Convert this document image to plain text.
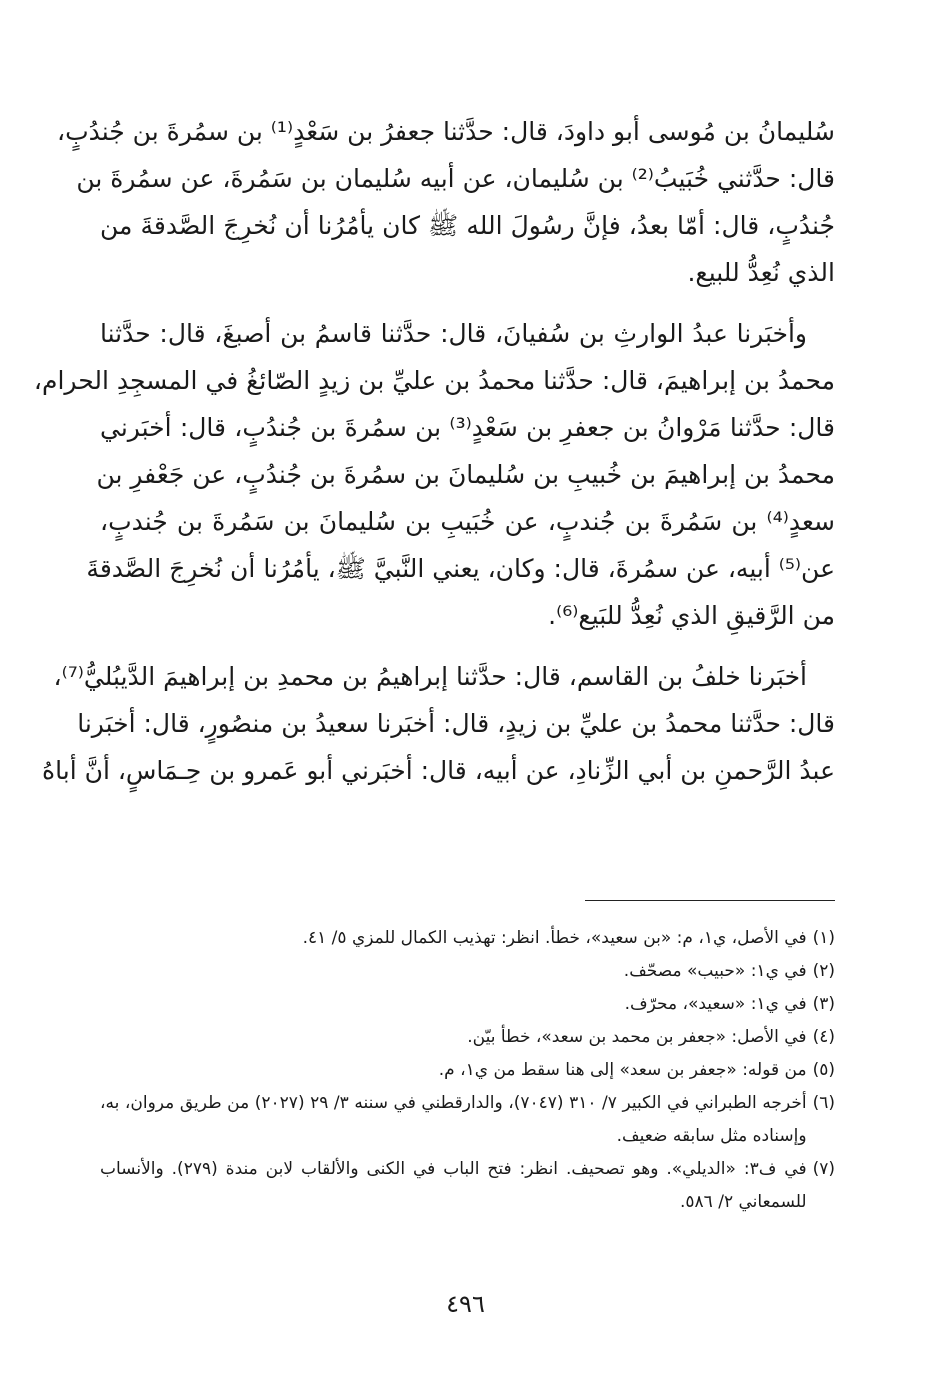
سُليمانُ بن مُوسى أبو داودَ، قال: حدَّثنا جعفرُ بن سَعْدٍ⁽¹⁾ بن سمُرةَ بن جُندُبٍ،
قال: حدَّثني خُبَيبُ⁽²⁾ بن سُليمان، عن أبيه سُليمان بن سَمُرةَ، عن سمُرةَ بن
جُندُبٍ، قال: أمّا بعدُ، فإنَّ رسُولَ الله ﷺ كان يأمُرُنا أن نُخرِجَ الصَّدقةَ من
الذي نُعِدُّ للبيع.
وأخبَرنا عبدُ الوارثِ بن سُفيانَ، قال: حدَّثنا قاسمُ بن أصبغَ، قال: حدَّثنا
محمدُ بن إبراهيمَ، قال: حدَّثنا محمدُ بن عليِّ بن زيدٍ الصّائغُ في المسجِدِ الحرام،
قال: حدَّثنا مَرْوانُ بن جعفرِ بن سَعْدٍ⁽³⁾ بن سمُرةَ بن جُندُبٍ، قال: أخبَرني
محمدُ بن إبراهيمَ بن خُبيبِ بن سُليمانَ بن سمُرةَ بن جُندُبٍ، عن جَعْفرِ بن
سعدٍ⁽⁴⁾ بن سَمُرةَ بن جُندبٍ، عن خُبَيبِ بن سُليمانَ بن سَمُرةَ بن جُندبٍ،
عن⁽⁵⁾ أبيه، عن سمُرةَ، قال: وكان، يعني النَّبيَّ ﷺ، يأمُرُنا أن نُخرِجَ الصَّدقةَ
من الرَّقيقِ الذي نُعِدُّ للبَيع⁽⁶⁾.
أخبَرنا خلفُ بن القاسم، قال: حدَّثنا إبراهيمُ بن محمدِ بن إبراهيمَ الدَّيبُليُّ⁽⁷⁾،
قال: حدَّثنا محمدُ بن عليِّ بن زيدٍ، قال: أخبَرنا سعيدُ بن منصُورٍ، قال: أخبَرنا
عبدُ الرَّحمنِ بن أبي الزِّنادِ، عن أبيه، قال: أخبَرني أبو عَمرو بن حِـمَاسٍ، أنَّ أباهُ
(١)
في الأصل، ي١، م: «بن سعيد»، خطأ. انظر: تهذيب الكمال للمزي ٥/ ٤١.
(٢)
في ي١: «حبيب» مصحّف.
(٣)
في ي١: «سعيد»، محرّف.
(٤)
في الأصل: «جعفر بن محمد بن سعد»، خطأ بيّن.
(٥)
من قوله: «جعفر بن سعد» إلى هنا سقط من ي١، م.
(٦)
أخرجه الطبراني في الكبير ٧/ ٣١٠ (٧٠٤٧)، والدارقطني في سننه ٣/ ٢٩ (٢٠٢٧) من طريق مروان، به، وإسناده مثل سابقه ضعيف.
(٧)
في ف٣: «الديلي». وهو تصحيف. انظر: فتح الباب في الكنى والألقاب لابن مندة (٢٧٩). والأنساب للسمعاني ٢/ ٥٨٦.
٤٩٦
